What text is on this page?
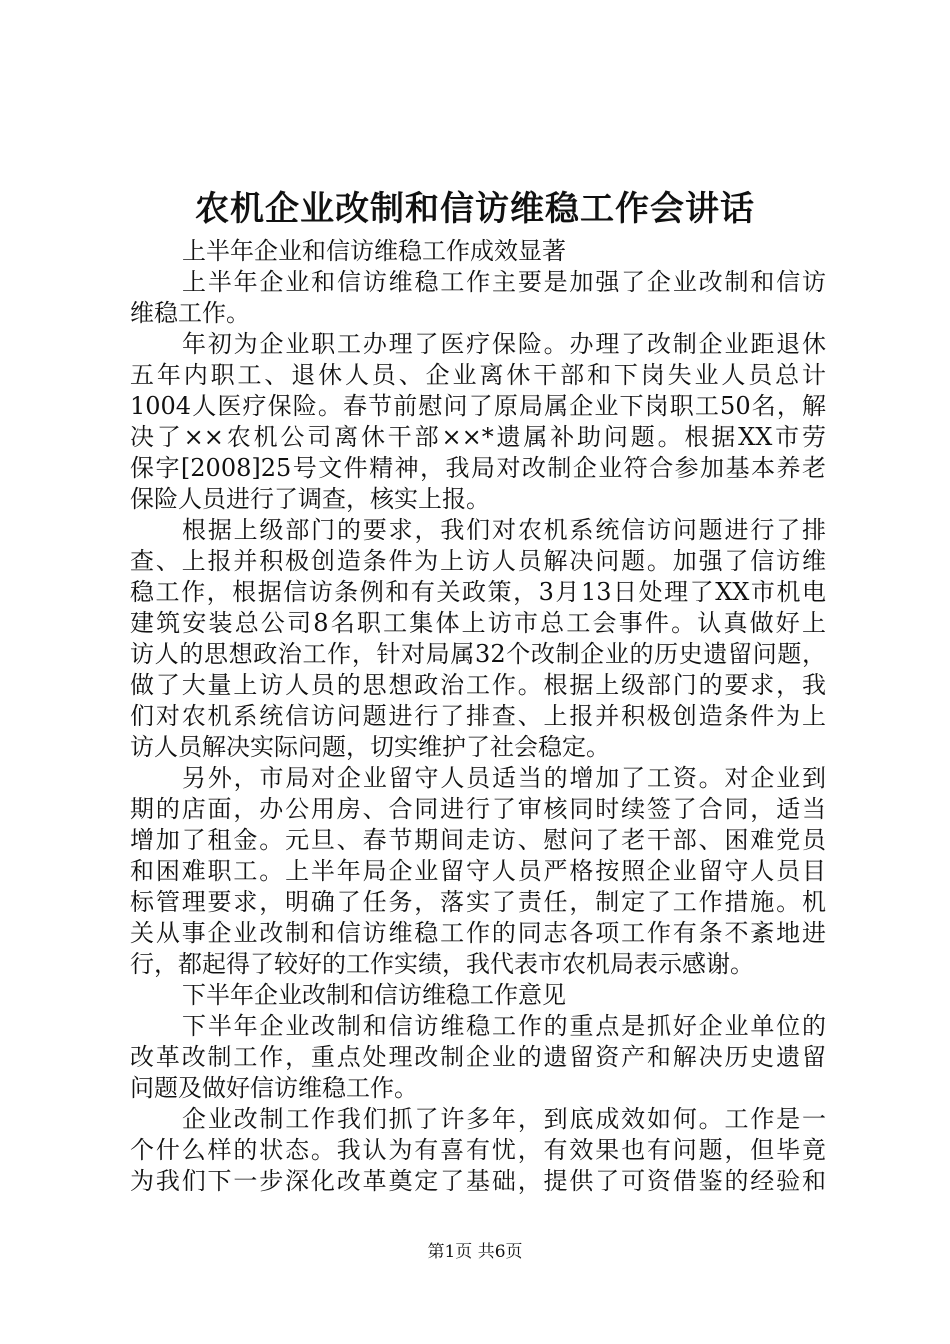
农机企业改制和信访维稳工作会讲话
上半年企业和信访维稳工作成效显著
上半年企业和信访维稳工作主要是加强了企业改制和信访
维稳工作。
年初为企业职工办理了医疗保险。办理了改制企业距退休
五年内职工、退休人员、企业离休干部和下岗失业人员总计
1004人医疗保险。春节前慰问了原局属企业下岗职工50名，解
决了××农机公司离休干部××*遗属补助问题。根据XX市劳
保字[2008]25号文件精神，我局对改制企业符合参加基本养老
保险人员进行了调查，核实上报。
根据上级部门的要求，我们对农机系统信访问题进行了排
查、上报并积极创造条件为上访人员解决问题。加强了信访维
稳工作，根据信访条例和有关政策，3月13日处理了XX市机电
建筑安装总公司8名职工集体上访市总工会事件。认真做好上
访人的思想政治工作，针对局属32个改制企业的历史遗留问题，
做了大量上访人员的思想政治工作。根据上级部门的要求，我
们对农机系统信访问题进行了排查、上报并积极创造条件为上
访人员解决实际问题，切实维护了社会稳定。
另外，市局对企业留守人员适当的增加了工资。对企业到
期的店面，办公用房、合同进行了审核同时续签了合同，适当
增加了租金。元旦、春节期间走访、慰问了老干部、困难党员
和困难职工。上半年局企业留守人员严格按照企业留守人员目
标管理要求，明确了任务，落实了责任，制定了工作措施。机
关从事企业改制和信访维稳工作的同志各项工作有条不紊地进
行，都起得了较好的工作实绩，我代表市农机局表示感谢。
下半年企业改制和信访维稳工作意见
下半年企业改制和信访维稳工作的重点是抓好企业单位的
改革改制工作，重点处理改制企业的遗留资产和解决历史遗留
问题及做好信访维稳工作。
企业改制工作我们抓了许多年，到底成效如何。工作是一
个什么样的状态。我认为有喜有忧，有效果也有问题，但毕竟
为我们下一步深化改革奠定了基础，提供了可资借鉴的经验和
第1页 共6页
